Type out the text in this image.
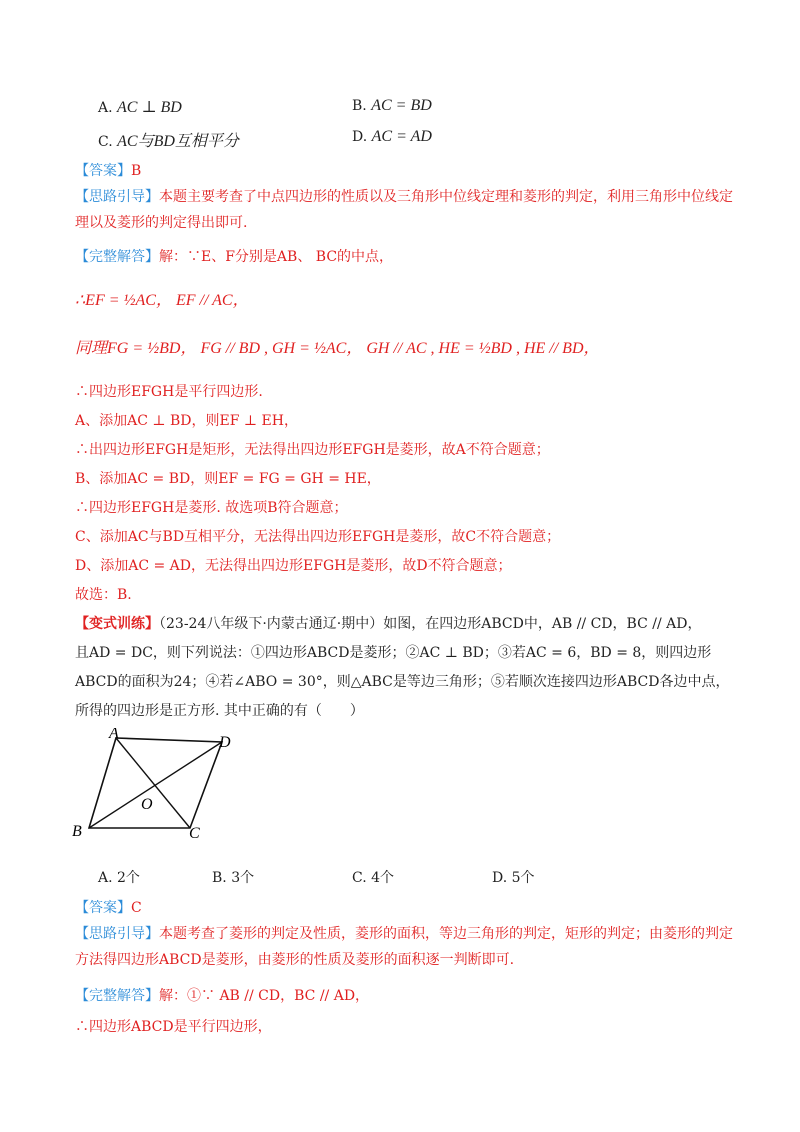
A. AC ⊥ BD	B. AC = BD
C. AC与BD互相平分	D. AC = AD
【答案】B
【思路引导】本题主要考查了中点四边形的性质以及三角形中位线定理和菱形的判定，利用三角形中位线定理以及菱形的判定得出即可.
【完整解答】解：∵E、F分别是AB、 BC的中点，
∴EF = ½AC， EF // AC，
同理FG = ½BD， FG // BD , GH = ½AC， GH // AC , HE = ½BD , HE // BD，
∴四边形EFGH是平行四边形.
A、添加AC ⊥ BD，则EF ⊥ EH，
∴出四边形EFGH是矩形，无法得出四边形EFGH是菱形，故A不符合题意；
B、添加AC = BD，则EF = FG = GH = HE，
∴四边形EFGH是菱形. 故选项B符合题意；
C、添加AC与BD互相平分，无法得出四边形EFGH是菱形，故C不符合题意；
D、添加AC = AD，无法得出四边形EFGH是菱形，故D不符合题意；
故选：B.
【变式训练】（23-24八年级下·内蒙古通辽·期中）如图，在四边形ABCD中，AB // CD，BC // AD，
且AD = DC，则下列说法：①四边形ABCD是菱形；②AC ⊥ BD；③若AC = 6，BD = 8，则四边形
ABCD的面积为24；④若∠ABO = 30°，则△ABC是等边三角形；⑤若顺次连接四边形ABCD各边中点，
所得的四边形是正方形. 其中正确的有（　　）
A
D
B	C
O
A. 2个	B. 3个	C. 4个	D. 5个
【答案】C
【思路引导】本题考查了菱形的判定及性质，菱形的面积，等边三角形的判定，矩形的判定；由菱形的判定方法得四边形ABCD是菱形，由菱形的性质及菱形的面积逐一判断即可.
【完整解答】解：①∵ AB // CD，BC // AD，
∴四边形ABCD是平行四边形，
